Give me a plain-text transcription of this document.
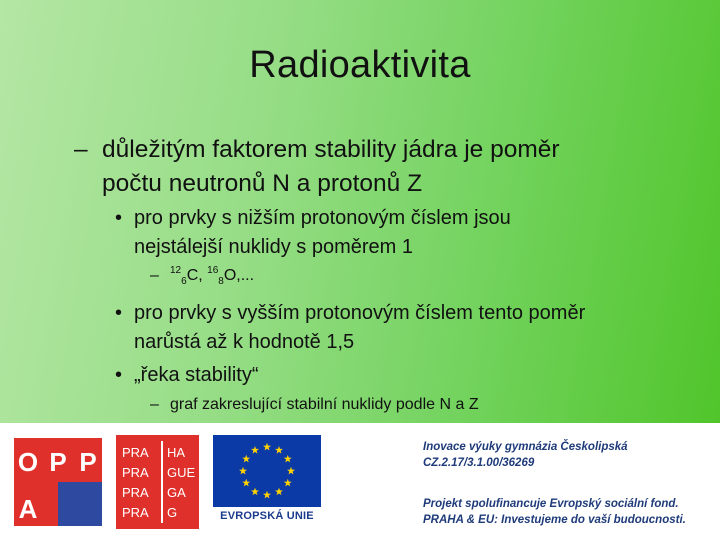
Radioaktivita
– důležitým faktorem stability jádra je poměr
počtu neutronů N a protonů Z
• pro prvky s nižším protonovým číslem jsou
nejstálejší nuklidy s poměrem 1
– $^{12}_6$C, $^{16}_8$O,...
• pro prvky s vyšším protonovým číslem tento poměr
narůstá až k hodnotě 1,5
• „řeka stability“
– graf zakreslující stabilní nuklidy podle N a Z
O P P
A
PRA HA
PRA GUE
PRA GA
PRA G	EVROPSKÁ UNIE
Inovace výuky gymnázia Českolipská
CZ.2.17/3.1.00/36269
Projekt spolufinancuje Evropský sociální fond.
PRAHA & EU: Investujeme do vaší budoucnosti.
